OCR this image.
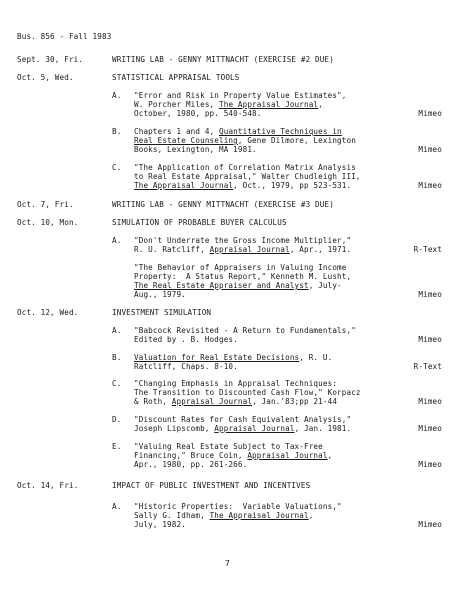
Bus. 856 - Fall 1983
Sept. 30, Fri.	WRITING LAB - GENNY MITTNACHT (EXERCISE #2 DUE)
Oct. 5, Wed.	STATISTICAL APPRAISAL TOOLS
A. "Error and Risk in Property Value Estimates",
W. Porcher Miles, The Appraisal Journal,
October, 1980, pp. 540-548.	Mimeo
B. Chapters 1 and 4, Quantitative Techniques in
Real Estate Counseling, Gene Dilmore, Lexington
Books, Lexington, MA 1981.	Mimeo
C. "The Application of Correlation Matrix Analysis
to Real Estate Appraisal," Walter Chudleigh III,
The Appraisal Journal, Oct., 1979, pp 523-531.	Mimeo
Oct. 7, Fri.	WRITING LAB - GENNY MITTNACHT (EXERCISE #3 DUE)
Oct. 10, Mon.	SIMULATION OF PROBABLE BUYER CALCULUS
A. "Don't Underrate the Gross Income Multiplier,"
R. U. Ratcliff, Appraisal Journal, Apr., 1971.	R-Text
"The Behavior of Appraisers in Valuing Income
Property:  A Status Report," Kenneth M. Lusht,
The Real Estate Appraiser and Analyst, July-
Aug., 1979.	Mimeo
Oct. 12, Wed.	INVESTMENT SIMULATION
A. "Babcock Revisited - A Return to Fundamentals,"
Edited by . B. Hodges.	Mimeo
B. Valuation for Real Estate Decisions, R. U.
Ratcliff, Chaps. 8-10.	R-Text
C. "Changing Emphasis in Appraisal Techniques:
The Transition to Discounted Cash Flow," Korpacz
& Roth, Appraisal Journal, Jan.'83;pp 21-44	Mimeo
D. "Discount Rates for Cash Equivalent Analysis,"
Joseph Lipscomb, Appraisal Journal, Jan. 1981.	Mimeo
E. "Valuing Real Estate Subject to Tax-Free
Financing," Bruce Coin, Appraisal Journal,
Apr., 1980, pp. 261-266.	Mimeo
Oct. 14, Fri.	IMPACT OF PUBLIC INVESTMENT AND INCENTIVES
A. "Historic Properties:  Variable Valuations,"
Sally G. Idham, The Appraisal Journal,
July, 1982.	Mimeo
7
